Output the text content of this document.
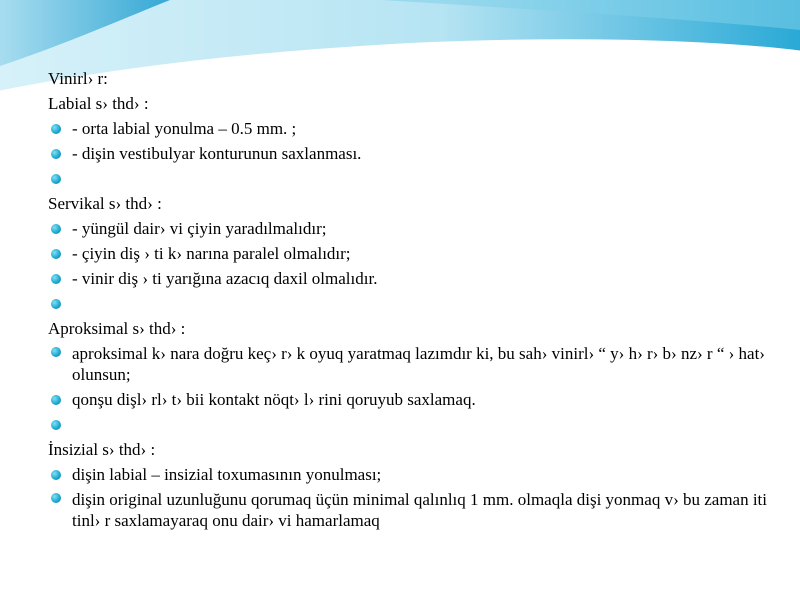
Vinirl› r:
Labial s› thd› :
- orta labial yonulma – 0.5 mm. ;
- dişin vestibulyar konturunun saxlanması.
Servikal s› thd› :
- yüngül dair› vi çiyin yaradılmalıdır;
- çiyin diş › ti k› narına paralel olmalıdır;
- vinir diş › ti yarığına azacıq daxil olmalıdır.
Aproksimal s› thd› :
aproksimal k› nara doğru keç› r› k oyuq yaratmaq lazımdır ki, bu sah› vinirl› “ y› h› r› b› nz› r “ › hat› olunsun;
qonşu dişl› rl› t› bii kontakt nöqt› l› rini qoruyub saxlamaq.
İnsizial s› thd› :
dişin labial – insizial toxumasının yonulması;
dişin original uzunluğunu qorumaq üçün minimal qalınlıq 1 mm. olmaqla dişi yonmaq v› bu zaman iti tinl› r saxlamayaraq onu dair› vi hamarlamaq
